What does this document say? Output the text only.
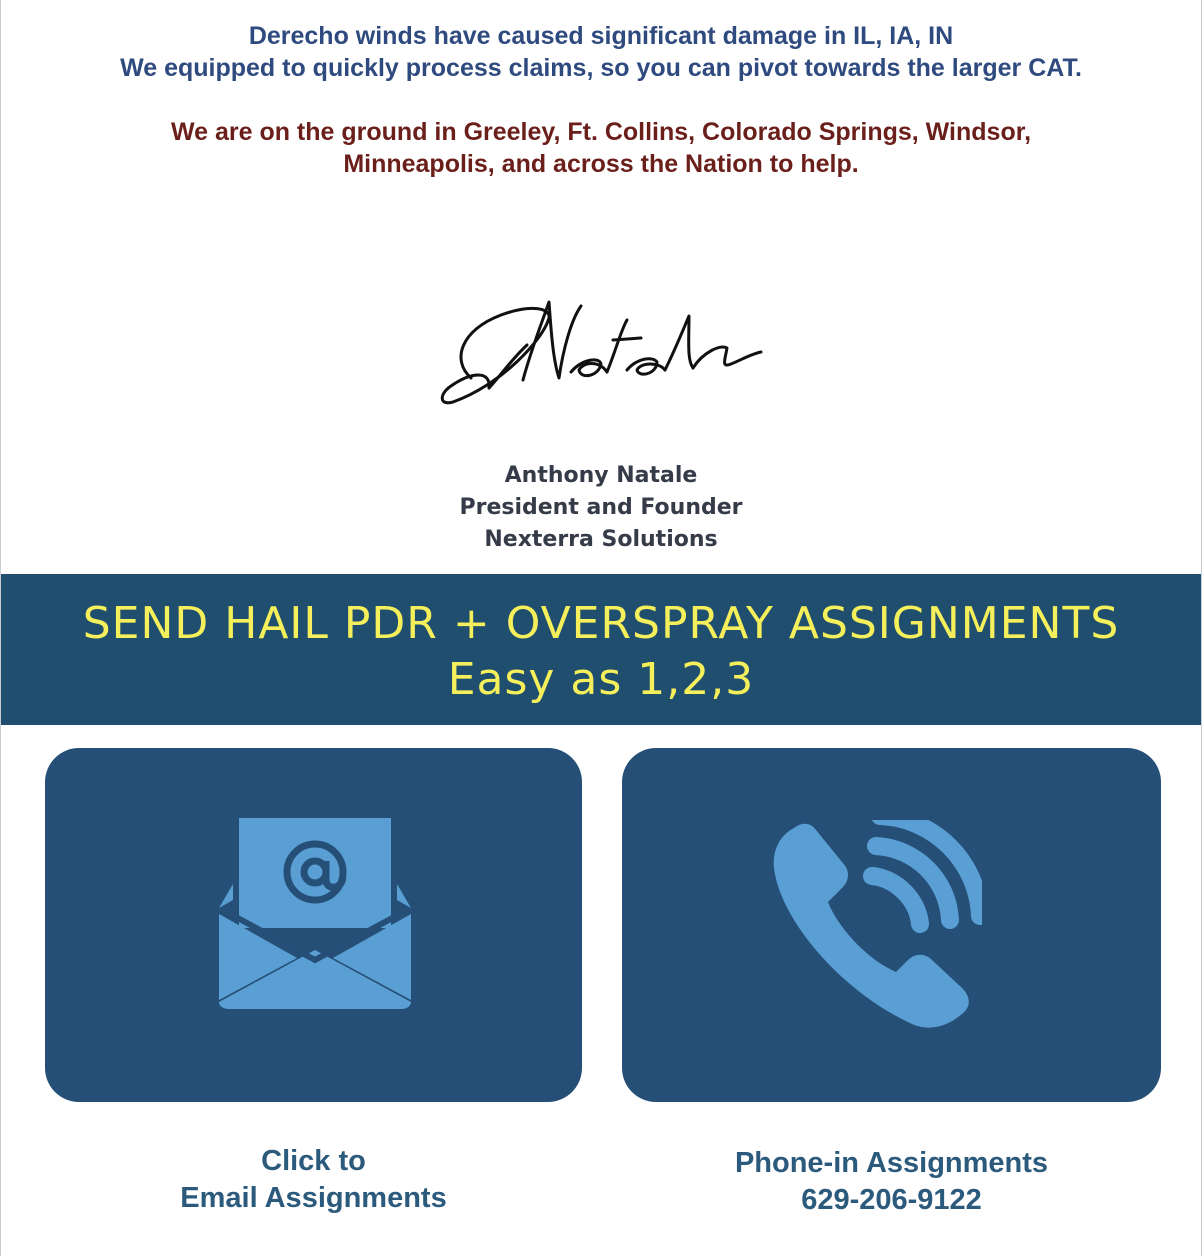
Derecho winds have caused significant damage in IL, IA, IN

We equipped to quickly process claims, so you can pivot towards the larger CAT.

We are on the ground in Greeley, Ft. Collins, Colorado Springs, Windsor,

Minneapolis, and across the Nation to help.

Anthony Natale

President and Founder

Nexterra Solutions

SEND HAIL PDR + OVERSPRAY ASSIGNMENTS

Easy as 1,2,3

Click to
Email Assignments
Phone-in Assignments
629-206-9122
